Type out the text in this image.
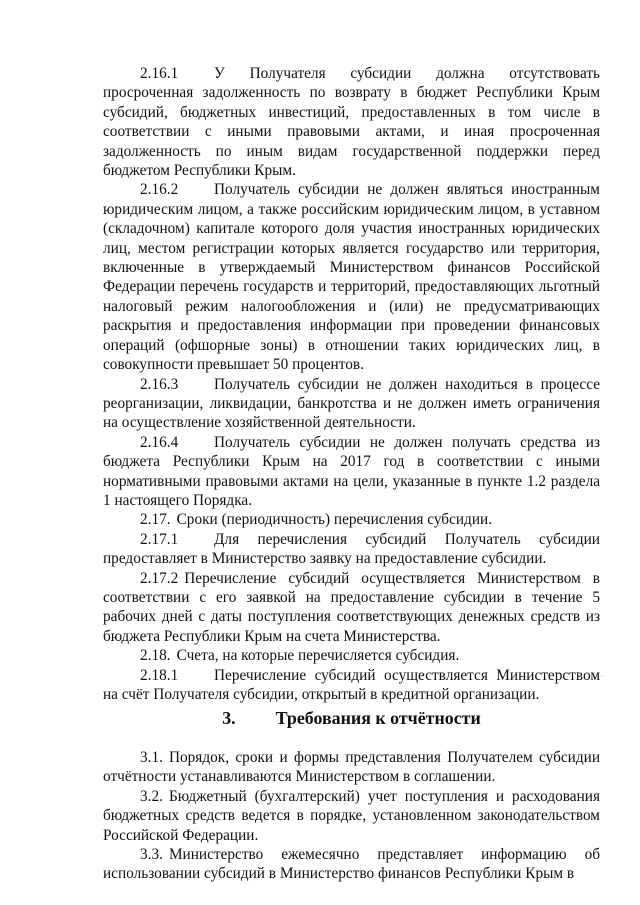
2.16.1 У Получателя субсидии должна отсутствовать просроченная задолженность по возврату в бюджет Республики Крым субсидий, бюджетных инвестиций, предоставленных в том числе в соответствии с иными правовыми актами, и иная просроченная задолженность по иным видам государственной поддержки перед бюджетом Республики Крым.

2.16.2 Получатель субсидии не должен являться иностранным юридическим лицом, а также российским юридическим лицом, в уставном (складочном) капитале которого доля участия иностранных юридических лиц, местом регистрации которых является государство или территория, включенные в утверждаемый Министерством финансов Российской Федерации перечень государств и территорий, предоставляющих льготный налоговый режим налогообложения и (или) не предусматривающих раскрытия и предоставления информации при проведении финансовых операций (офшорные зоны) в отношении таких юридических лиц, в совокупности превышает 50 процентов.

2.16.3 Получатель субсидии не должен находиться в процессе реорганизации, ликвидации, банкротства и не должен иметь ограничения на осуществление хозяйственной деятельности.

2.16.4 Получатель субсидии не должен получать средства из бюджета Республики Крым на 2017 год в соответствии с иными нормативными правовыми актами на цели, указанные в пункте 1.2 раздела 1 настоящего Порядка.

2.17. Сроки (периодичность) перечисления субсидии.

2.17.1 Для перечисления субсидий Получатель субсидии предоставляет в Министерство заявку на предоставление субсидии.

2.17.2 Перечисление субсидий осуществляется Министерством в соответствии с его заявкой на предоставление субсидии в течение 5 рабочих дней с даты поступления соответствующих денежных средств из бюджета Республики Крым на счета Министерства.

2.18. Счета, на которые перечисляется субсидия.

2.18.1 Перечисление субсидий осуществляется Министерством на счёт Получателя субсидии, открытый в кредитной организации.

3. Требования к отчётности

3.1. Порядок, сроки и формы представления Получателем субсидии отчётности устанавливаются Министерством в соглашении.

3.2. Бюджетный (бухгалтерский) учет поступления и расходования бюджетных средств ведется в порядке, установленном законодательством Российской Федерации.

3.3. Министерство ежемесячно представляет информацию об использовании субсидий в Министерство финансов Республики Крым в

·
